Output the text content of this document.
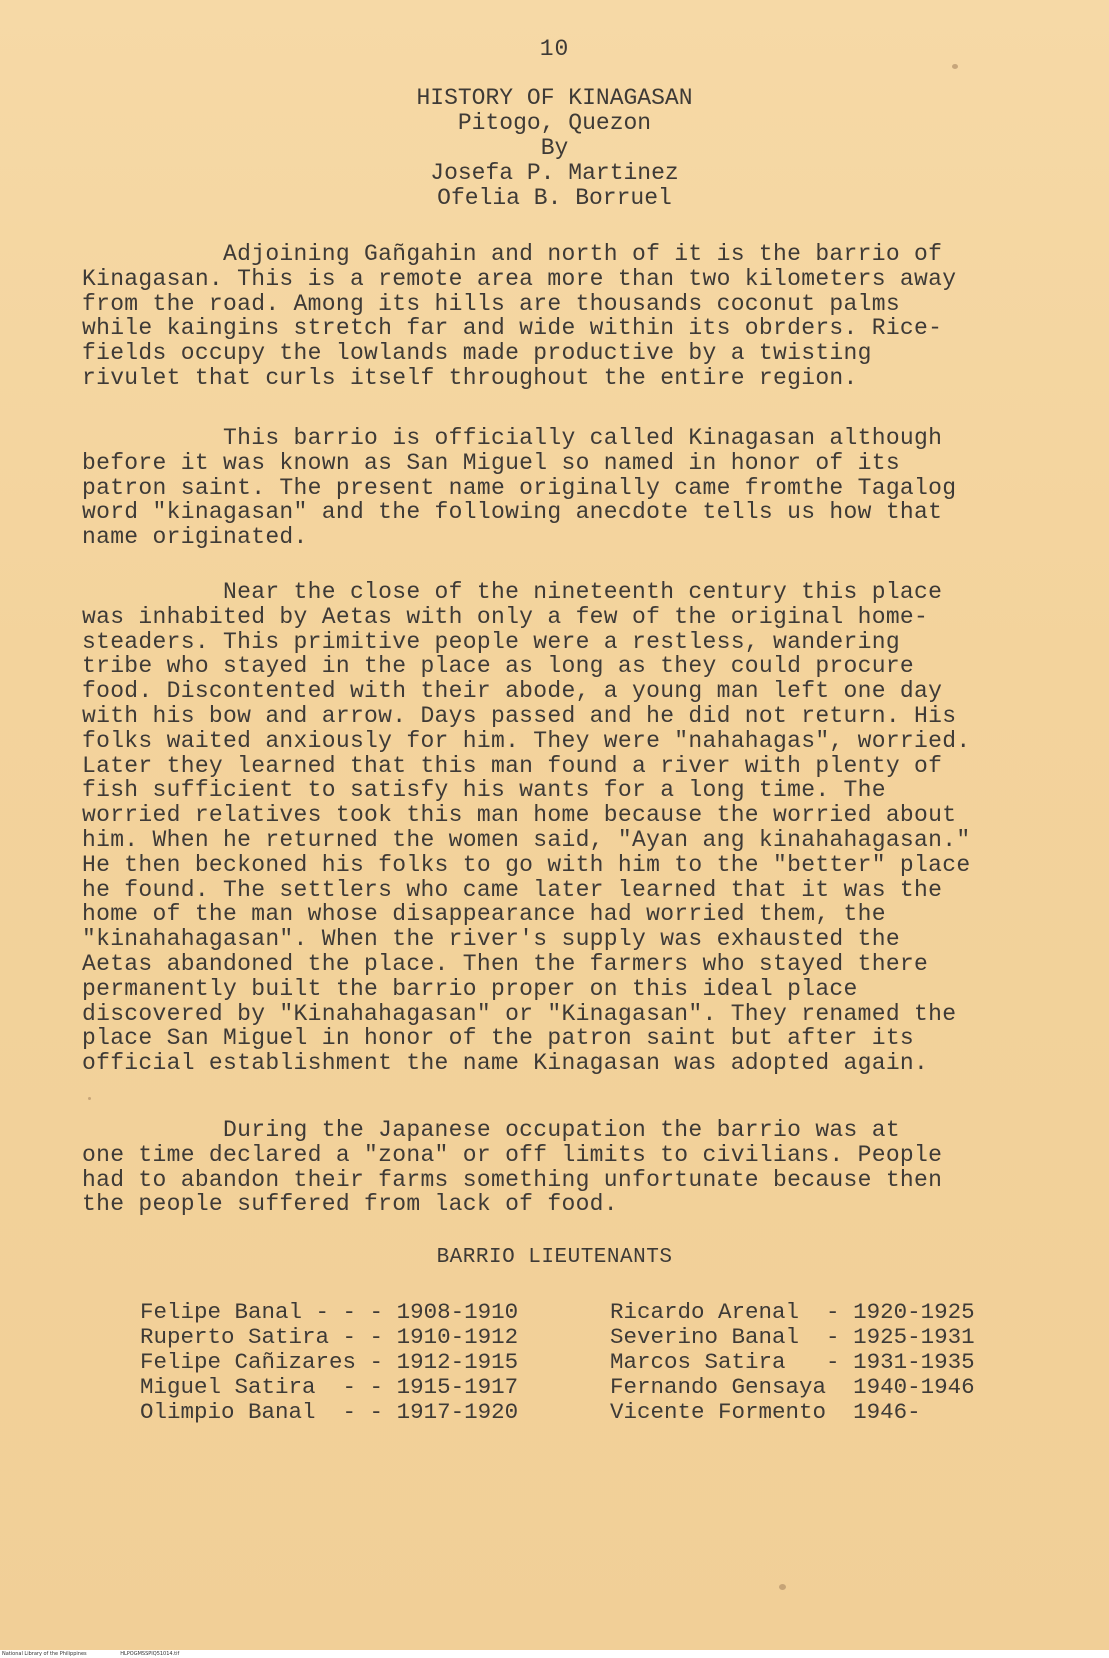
10
HISTORY OF KINAGASAN
Pitogo, Quezon
By
Josefa P. Martinez
Ofelia B. Borruel
Adjoining Gañgahin and north of it is the barrio of
Kinagasan. This is a remote area more than two kilometers away
from the road. Among its hills are thousands coconut palms
while kaingins stretch far and wide within its obrders. Rice-
fields occupy the lowlands made productive by a twisting
rivulet that curls itself throughout the entire region.
This barrio is officially called Kinagasan although
before it was known as San Miguel so named in honor of its
patron saint. The present name originally came fromthe Tagalog
word "kinagasan" and the following anecdote tells us how that
name originated.
Near the close of the nineteenth century this place
was inhabited by Aetas with only a few of the original home-
steaders. This primitive people were a restless, wandering
tribe who stayed in the place as long as they could procure
food. Discontented with their abode, a young man left one day
with his bow and arrow. Days passed and he did not return. His
folks waited anxiously for him. They were "nahahagas", worried.
Later they learned that this man found a river with plenty of
fish sufficient to satisfy his wants for a long time. The
worried relatives took this man home because the worried about
him. When he returned the women said, "Ayan ang kinahahagasan."
He then beckoned his folks to go with him to the "better" place
he found. The settlers who came later learned that it was the
home of the man whose disappearance had worried them, the
"kinahahagasan". When the river's supply was exhausted the
Aetas abandoned the place. Then the farmers who stayed there
permanently built the barrio proper on this ideal place
discovered by "Kinahahagasan" or "Kinagasan". They renamed the
place San Miguel in honor of the patron saint but after its
official establishment the name Kinagasan was adopted again.
During the Japanese occupation the barrio was at
one time declared a "zona" or off limits to civilians. People
had to abandon their farms something unfortunate because then
the people suffered from lack of food.
BARRIO LIEUTENANTS
Felipe Banal - - - 1908-1910
Ruperto Satira - - 1910-1912
Felipe Cañizares - 1912-1915
Miguel Satira  - - 1915-1917
Olimpio Banal  - - 1917-1920
Ricardo Arenal  - 1920-1925
Severino Banal  - 1925-1931
Marcos Satira   - 1931-1935
Fernando Gensaya  1940-1946
Vicente Formento  1946-
National Library of the Philippines	HLPOGMSSPIQ51014.tif
